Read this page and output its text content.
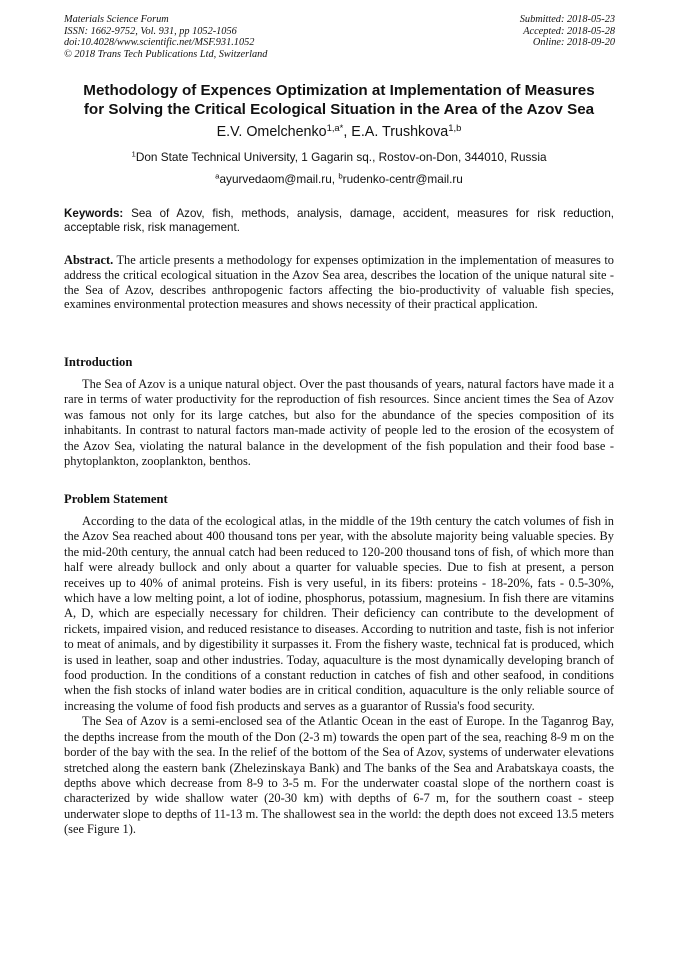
Materials Science Forum
ISSN: 1662-9752, Vol. 931, pp 1052-1056
doi:10.4028/www.scientific.net/MSF.931.1052
© 2018 Trans Tech Publications Ltd, Switzerland
Submitted: 2018-05-23
Accepted: 2018-05-28
Online: 2018-09-20
Methodology of Expences Optimization at Implementation of Measures
for Solving the Critical Ecological Situation in the Area of the Azov Sea
E.V. Omelchenko$^{1,a*}$, E.A. Trushkova$^{1,b}$
$^1$Don State Technical University, 1 Gagarin sq., Rostov-on-Don, 344010, Russia
$^a$ayurvedaom@mail.ru, $^b$rudenko-centr@mail.ru
Keywords: Sea of Azov, fish, methods, analysis, damage, accident, measures for risk reduction, acceptable risk, risk management.
Abstract. The article presents a methodology for expenses optimization in the implementation of measures to address the critical ecological situation in the Azov Sea area, describes the location of the unique natural site - the Sea of Azov, describes anthropogenic factors affecting the bio-productivity of valuable fish species, examines environmental protection measures and shows necessity of their practical application.
Introduction

The Sea of Azov is a unique natural object. Over the past thousands of years, natural factors have made it a rare in terms of water productivity for the reproduction of fish resources. Since ancient times the Sea of Azov was famous not only for its large catches, but also for the abundance of the species composition of its inhabitants. In contrast to natural factors man-made activity of people led to the erosion of the ecosystem of the Azov Sea, violating the natural balance in the development of the fish population and their food base - phytoplankton, zooplankton, benthos.

Problem Statement

According to the data of the ecological atlas, in the middle of the 19th century the catch volumes of fish in the Azov Sea reached about 400 thousand tons per year, with the absolute majority being valuable species. By the mid-20th century, the annual catch had been reduced to 120-200 thousand tons of fish, of which more than half were already bullock and only about a quarter for valuable species. Due to fish at present, a person receives up to 40% of animal proteins. Fish is very useful, in its fibers: proteins - 18-20%, fats - 0.5-30%, which have a low melting point, a lot of iodine, phosphorus, potassium, magnesium. In fish there are vitamins A, D, which are especially necessary for children. Their deficiency can contribute to the development of rickets, impaired vision, and reduced resistance to diseases. According to nutrition and taste, fish is not inferior to meat of animals, and by digestibility it surpasses it. From the fishery waste, technical fat is produced, which is used in leather, soap and other industries. Today, aquaculture is the most dynamically developing branch of food production. In the conditions of a constant reduction in catches of fish and other seafood, in conditions when the fish stocks of inland water bodies are in critical condition, aquaculture is the only reliable source of increasing the volume of food fish products and serves as a guarantor of Russia's food security.

The Sea of Azov is a semi-enclosed sea of the Atlantic Ocean in the east of Europe. In the Taganrog Bay, the depths increase from the mouth of the Don (2-3 m) towards the open part of the sea, reaching 8-9 m on the border of the bay with the sea. In the relief of the bottom of the Sea of Azov, systems of underwater elevations stretched along the eastern bank (Zhelezinskaya Bank) and The banks of the Sea and Arabatskaya coasts, the depths above which decrease from 8-9 to 3-5 m. For the underwater coastal slope of the northern coast is characterized by wide shallow water (20-30 km) with depths of 6-7 m, for the southern coast - steep underwater slope to depths of 11-13 m. The shallowest sea in the world: the depth does not exceed 13.5 meters (see Figure 1).
